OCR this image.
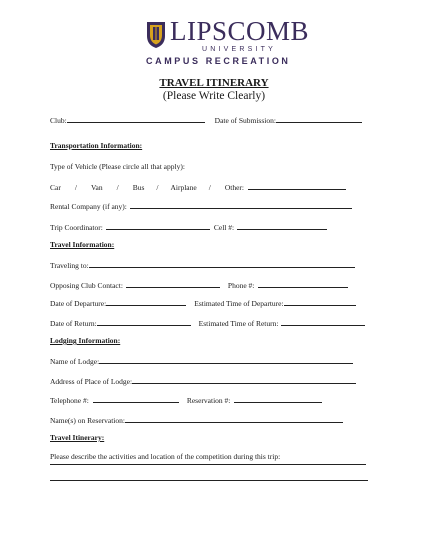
LIPSCOMB
UNIVERSITY
CAMPUS RECREATION
TRAVEL ITINERARY
(Please Write Clearly)
Club:	Date of Submission:
Transportation Information:
Type of Vehicle (Please circle all that apply):
Car / Van / Bus / Airplane / Other:
Rental Company (if any):
Trip Coordinator:	Cell #:
Travel Information:
Traveling to:
Opposing Club Contact:	Phone #:
Date of Departure:	Estimated Time of Departure:
Date of Return:	Estimated Time of Return:
Lodging Information:
Name of Lodge:
Address of Place of Lodge:
Telephone #:	Reservation #:
Name(s) on Reservation:
Travel Itinerary:
Please describe the activities and location of the competition during this trip:
